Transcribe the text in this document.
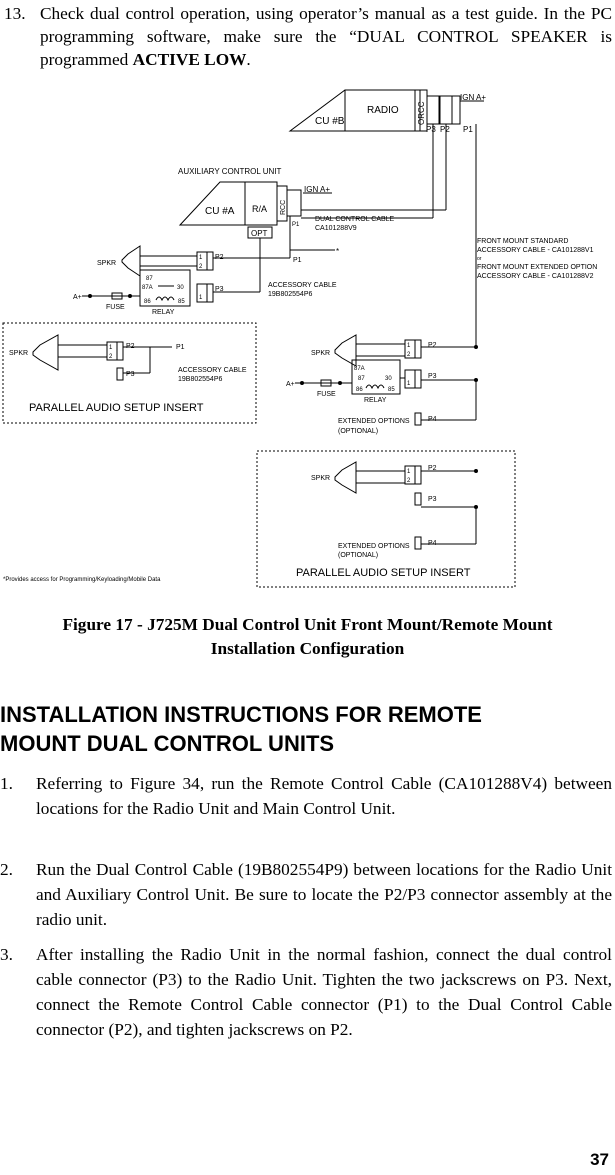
13. Check dual control operation, using operator’s manual as a test guide. In the PC programming software, make sure the “DUAL CONTROL SPEAKER is programmed ACTIVE LOW.
CU #B
RADIO ORCC
IGN A+
P3 P2 P1
AUXILIARY CONTROL UNIT
CU #A R/A RCC
IGN A+
P1
OPT
DUAL CONTROL CABLE
CA101288V9
*
SPKR
1
2
P2	P1
1
P3
87
87A	30
86	85
RELAY
A+
FUSE
ACCESSORY CABLE
19B802554P6
FRONT MOUNT STANDARD
ACCESSORY CABLE - CA101288V1
or
FRONT MOUNT EXTENDED OPTION
ACCESSORY CABLE - CA101288V2
SPKR
1
2
P2	P1
P3
ACCESSORY CABLE
19B802554P6
PARALLEL AUDIO SETUP INSERT
SPKR
1
2
P2
87A
87	30
86	85
1
P3
A+
FUSE
RELAY
P4
EXTENDED OPTIONS
(OPTIONAL)
SPKR
1
2
P2
P3
P4
EXTENDED OPTIONS
(OPTIONAL)
PARALLEL AUDIO SETUP INSERT
*Provides access for Programming/Keyloading/Mobile Data
Figure 17 - J725M Dual Control Unit Front Mount/Remote Mount
Installation Configuration
INSTALLATION INSTRUCTIONS FOR REMOTE
MOUNT DUAL CONTROL UNITS
1. Referring to Figure 34, run the Remote Control Cable (CA101288V4) between locations for the Radio Unit and Main Control Unit.
2. Run the Dual Control Cable (19B802554P9) between locations for the Radio Unit and Auxiliary Control Unit. Be sure to locate the P2/P3 connector assembly at the radio unit.
3. After installing the Radio Unit in the normal fashion, connect the dual control cable connector (P3) to the Radio Unit. Tighten the two jackscrews on P3. Next, connect the Remote Control Cable connector (P1) to the Dual Control Cable connector (P2), and tighten jackscrews on P2.
37
